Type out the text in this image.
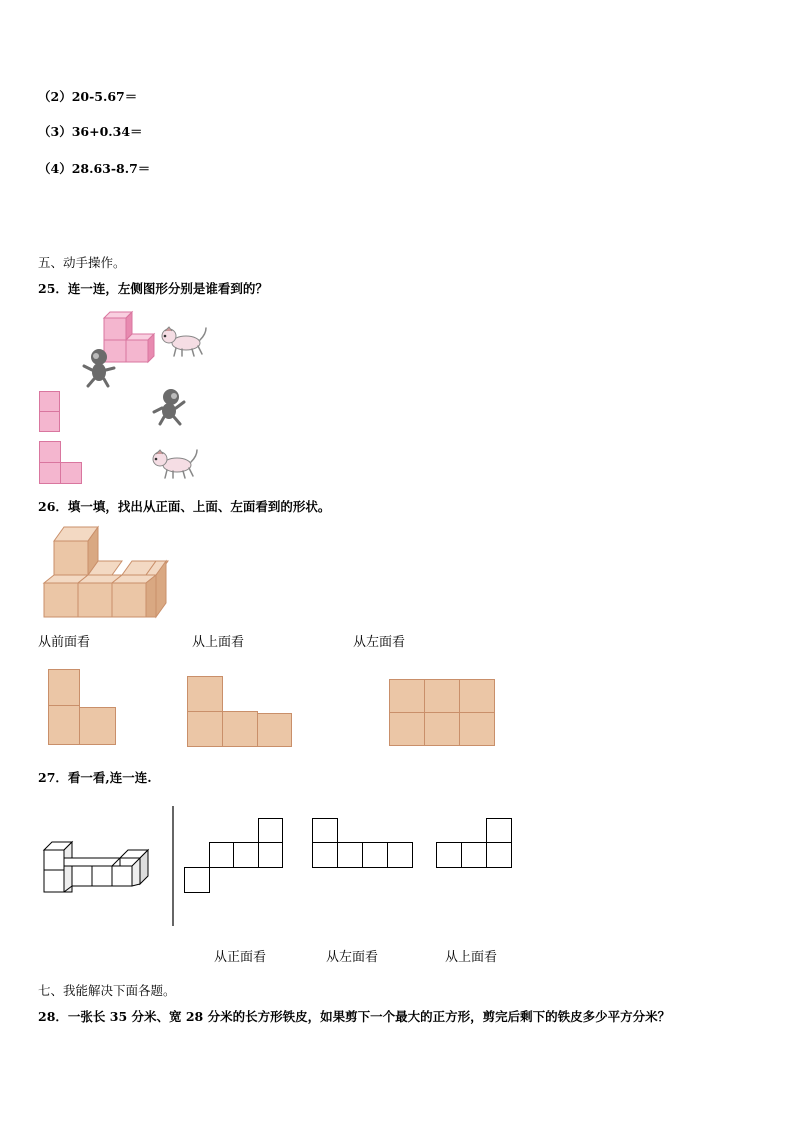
（2）20-5.67＝
（3）36+0.34＝
（4）28.63-8.7＝
五、动手操作。
25．连一连，左侧图形分别是谁看到的？
26．填一填，找出从正面、上面、左面看到的形状。
从前面看	从上面看	从左面看
27．看一看,连一连.
从正面看	从左面看	从上面看
七、我能解决下面各题。
28．一张长 35 分米、宽 28 分米的长方形铁皮，如果剪下一个最大的正方形，剪完后剩下的铁皮多少平方分米？
